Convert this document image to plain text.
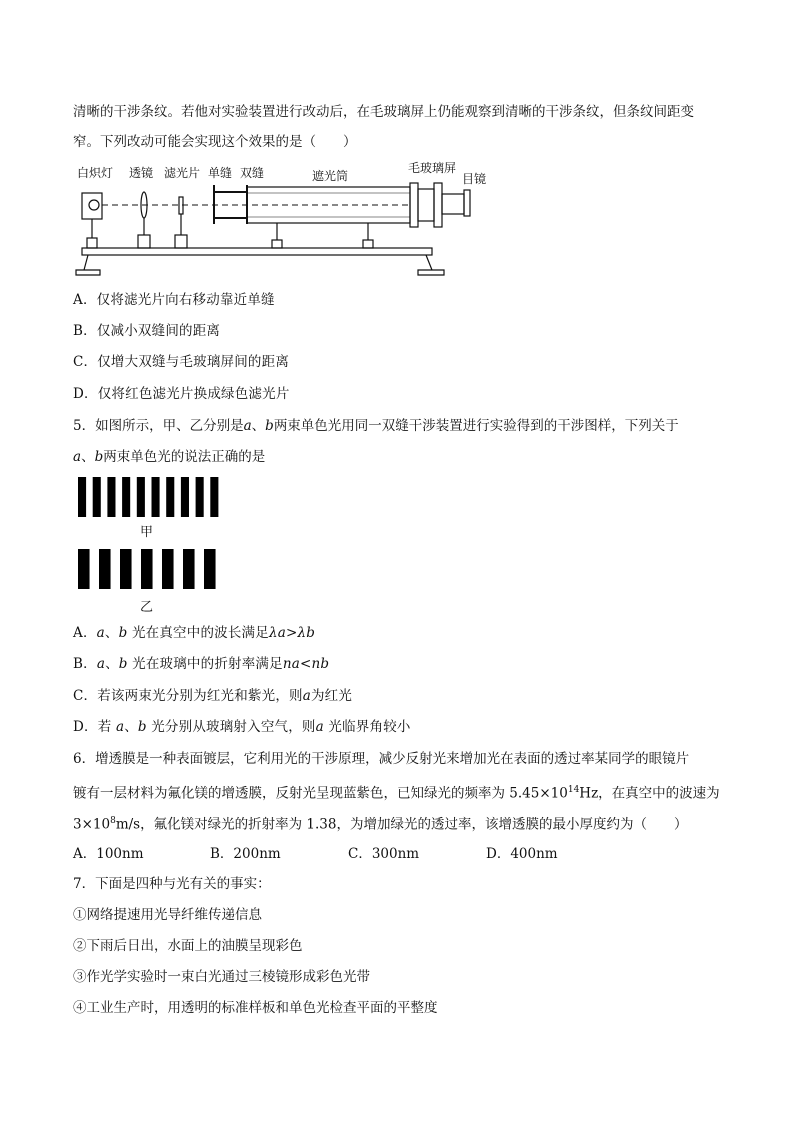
清晰的干涉条纹。若他对实验装置进行改动后，在毛玻璃屏上仍能观察到清晰的干涉条纹，但条纹间距变
窄。下列改动可能会实现这个效果的是（　　）
白炽灯 透镜 滤光片 单缝 双缝	遮光筒
毛玻璃屏
目镜
A．仅将滤光片向右移动靠近单缝
B．仅减小双缝间的距离
C．仅增大双缝与毛玻璃屏间的距离
D．仅将红色滤光片换成绿色滤光片
5．如图所示，甲、乙分别是a、b两束单色光用同一双缝干涉装置进行实验得到的干涉图样，下列关于
a、b两束单色光的说法正确的是
甲
乙
A．a、b 光在真空中的波长满足λa>λb
B．a、b 光在玻璃中的折射率满足na<nb
C．若该两束光分别为红光和紫光，则a为红光
D．若 a、b 光分别从玻璃射入空气，则a 光临界角较小
6．增透膜是一种表面镀层，它利用光的干涉原理，减少反射光来增加光在表面的透过率某同学的眼镜片
镀有一层材料为氟化镁的增透膜，反射光呈现蓝紫色，已知绿光的频率为 $5.45\times 10^{14}Hz$，在真空中的波速为
$3\times 10^8m/s$，氟化镁对绿光的折射率为 1.38，为增加绿光的透过率，该增透膜的最小厚度约为（　　）
A．100nm	B．200nm	C．300nm	D．400nm
7．下面是四种与光有关的事实：
①网络提速用光导纤维传递信息
②下雨后日出，水面上的油膜呈现彩色
③作光学实验时一束白光通过三棱镜形成彩色光带
④工业生产时，用透明的标准样板和单色光检查平面的平整度
